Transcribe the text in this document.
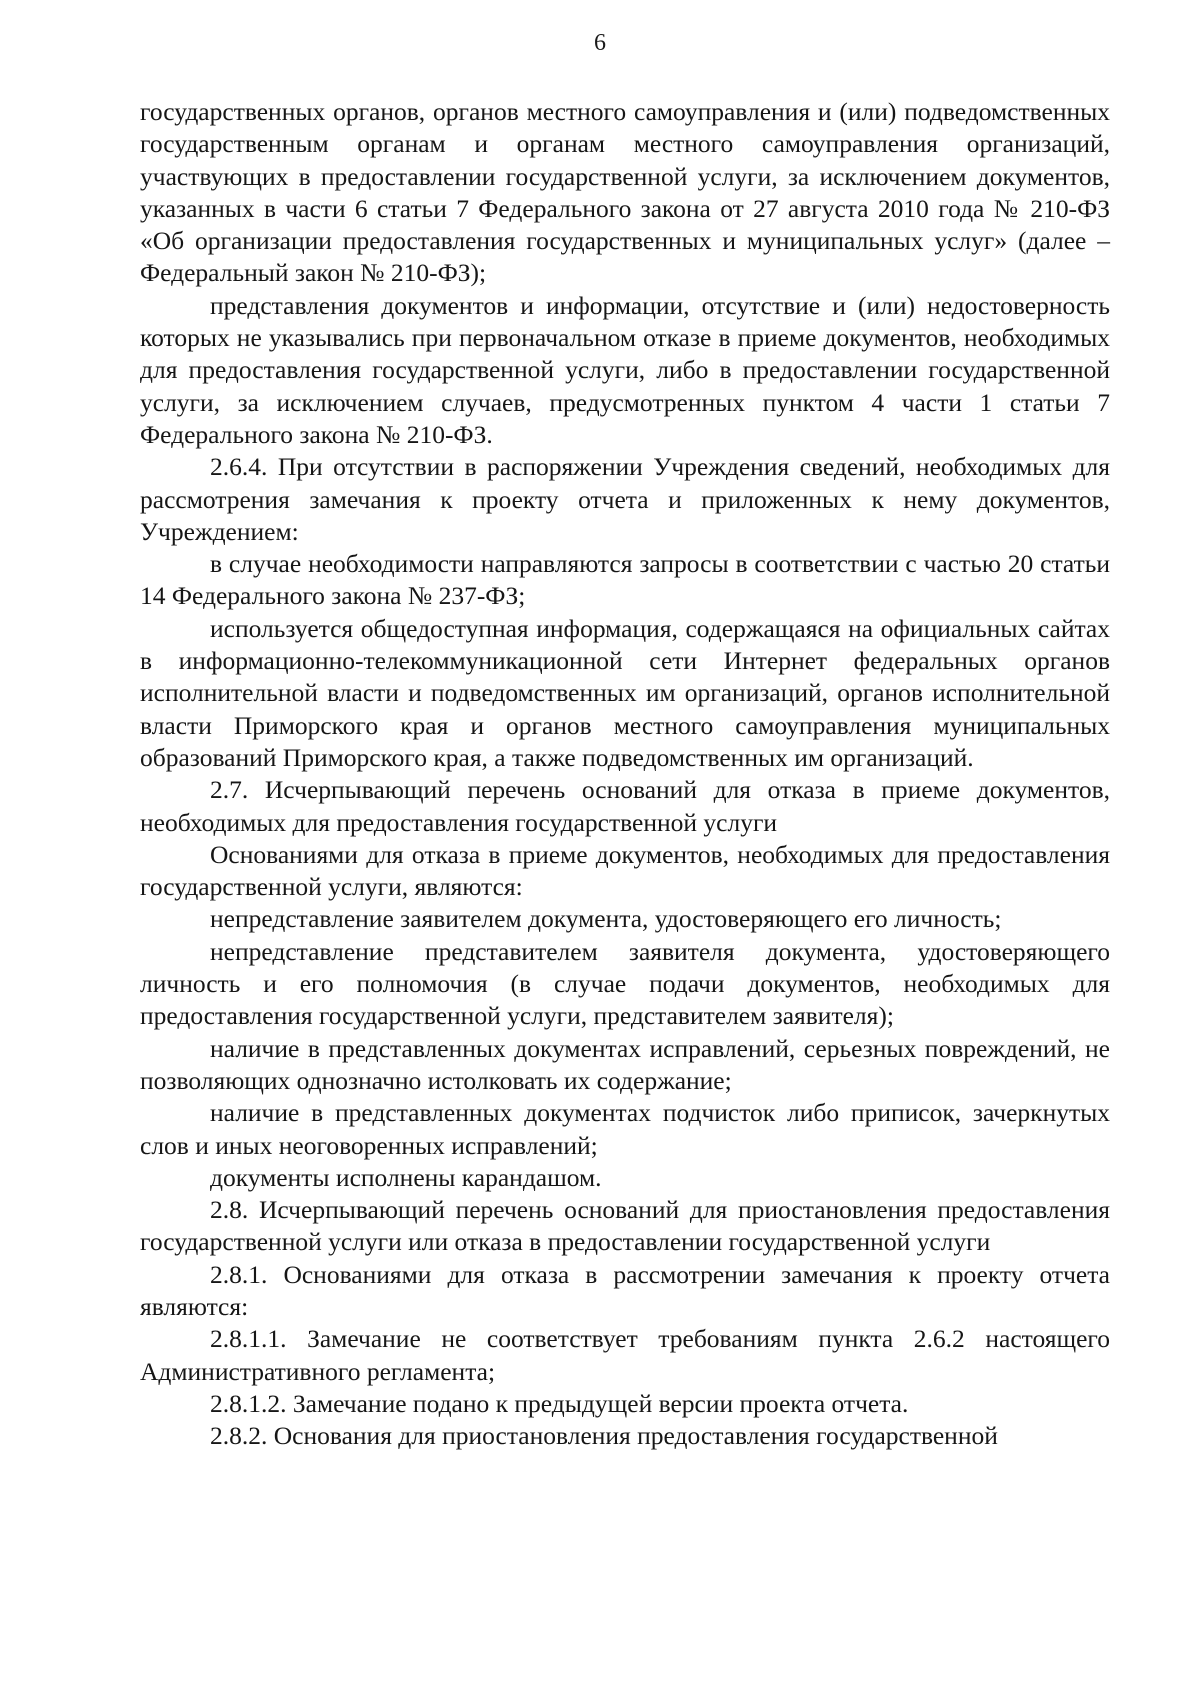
6

государственных органов, органов местного самоуправления и (или) подведомственных государственным органам и органам местного самоуправления организаций, участвующих в предоставлении государственной услуги, за исключением документов, указанных в части 6 статьи 7 Федерального закона от 27 августа 2010 года № 210-ФЗ «Об организации предоставления государственных и муниципальных услуг» (далее – Федеральный закон № 210-ФЗ);

представления документов и информации, отсутствие и (или) недостоверность которых не указывались при первоначальном отказе в приеме документов, необходимых для предоставления государственной услуги, либо в предоставлении государственной услуги, за исключением случаев, предусмотренных пунктом 4 части 1 статьи 7 Федерального закона № 210-ФЗ.

2.6.4. При отсутствии в распоряжении Учреждения сведений, необходимых для рассмотрения замечания к проекту отчета и приложенных к нему документов, Учреждением:

в случае необходимости направляются запросы в соответствии с частью 20 статьи 14 Федерального закона № 237-ФЗ;

используется общедоступная информация, содержащаяся на официальных сайтах в информационно-телекоммуникационной сети Интернет федеральных органов исполнительной власти и подведомственных им организаций, органов исполнительной власти Приморского края и органов местного самоуправления муниципальных образований Приморского края, а также подведомственных им организаций.

2.7. Исчерпывающий перечень оснований для отказа в приеме документов, необходимых для предоставления государственной услуги

Основаниями для отказа в приеме документов, необходимых для предоставления государственной услуги, являются:

непредставление заявителем документа, удостоверяющего его личность;

непредставление представителем заявителя документа, удостоверяющего личность и его полномочия (в случае подачи документов, необходимых для предоставления государственной услуги, представителем заявителя);

наличие в представленных документах исправлений, серьезных повреждений, не позволяющих однозначно истолковать их содержание;

наличие в представленных документах подчисток либо приписок, зачеркнутых слов и иных неоговоренных исправлений;

документы исполнены карандашом.

2.8. Исчерпывающий перечень оснований для приостановления предоставления государственной услуги или отказа в предоставлении государственной услуги

2.8.1. Основаниями для отказа в рассмотрении замечания к проекту отчета являются:

2.8.1.1. Замечание не соответствует требованиям пункта 2.6.2 настоящего Административного регламента;

2.8.1.2. Замечание подано к предыдущей версии проекта отчета.

2.8.2. Основания для приостановления предоставления государственной
